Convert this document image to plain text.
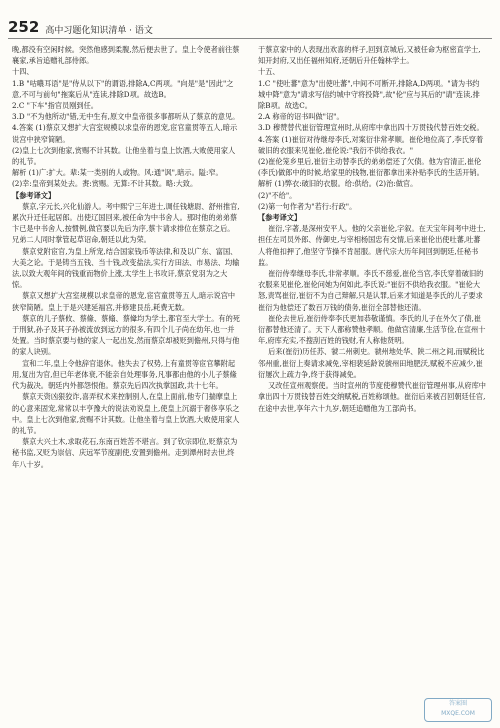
252 高中习题化知识清单 · 语文

晚,都没有空闲时候。突然他感到柔腹,然后便去世了。皇上令使者前往蔡襄家,承旨追赠礼部侍郎。

十四、

1.B "咕噥耳语"是"侍从以下"的谓语,排除A,C两项。"向是"是"因此"之意,不可与前句"拖案后从"连读,排除D项。故选B。

2.C "下车"指官员刚到任。

3.D "不为他所动"错,无中生有,原文中皇帝很多事都听从了蔡京的意见。

4.答案 (1)蔡京又想扩大宫室规模以求皇帝的恩宠,宦官童贯等五人,暗示说宫中狭窄简陋。

(2)皇上七次到他家,赏赐不计其数。让他坐着与皇上饮酒,大败使用家人的礼节。

解析 (1)广:扩大。辈:某一类别的人或物。风:通"讽",暗示。隘:窄。

(2)幸:皇帝到某处去。赉:赏赐。无算:不计其数。略:大致。

【参考译文】

蔡京,字元长,兴化仙游人。考中熙宁三年进士,调任钱塘尉、舒州推官,累次升迁任起居郎。出使辽国回来,被任命为中书舍人。那时他的弟弟蔡卞已是中书舍人,按惯例,做官要以先后为序,蔡卞请求排位在蔡京之后。兄弟二人同时掌管起草诏命,朝廷以此为荣。

蔡京党附宦官,为皇上所宠,结合国家钱币等法律,和及以广东、富国、大美之论。于是铸当五钱、当十钱,改变盐法,实行方田法、市易法、均输法,以致大观年间的钱重而物价上涨,太学生上书攻讦,蔡京党羽为之大惊。

蔡京又想扩大宫室规模以求皇帝的恩宠,宦官童贯等五人,暗示说宫中狭窄简陋。皇上于是兴建延福宫,并修建艮岳,耗费无数。

蔡京的儿子蔡攸、蔡絛、蔡翛、蔡鞗均为学士,都官至大学士。有的死于刑狱,孙子及其子孙被流放到远方的很多,有四个儿子尚在幼年,也一并处置。当时蔡京要与他的家人一起出发,然而蔡京却被贬到儋州,只得与他的家人诀别。

宣和二年,皇上令他辞官退休。他失去了权势,上有童贯等宦官攀附起用,复出为官,但已年老体衰,不能亲自处理事务,凡事都由他的小儿子蔡絛代为裁决。朝廷内外都怨恨他。蔡京先后四次执掌国政,共十七年。

蔡京天资凶狠狡诈,喜弄权术来控制别人,在皇上面前,他专门揣摩皇上的心意来固宠,常常以丰亨豫大的说法劝说皇上,使皇上沉溺于奢侈享乐之中。皇上七次到他家,赏赐不计其数。让他坐着与皇上饮酒,大败使用家人的礼节。

蔡京大兴土木,求取花石,东南百姓苦不堪言。到了钦宗即位,贬蔡京为秘书监,又贬为崇信、庆远军节度副使,安置到儋州。走到潭州时去世,终年八十岁。

于蔡京家中的人表现出欢喜的样子,回到京城后,又被任命为枢密直学士,知开封府,又出任福州知府,还朝后升任翰林学士。

十五、

1.C "使吐蕃"意为"出使吐蕃",中间不可断开,排除A,D两项。"请为书约城中降"意为"请求写信约城中守将投降",故"伦"应与其后的"请"连读,排除B项。故选C。

2.A 称帝的诏书叫做"诏"。

3.D 穆赞替代崔衍管理宣州时,从府库中拿出四十万贯钱代替百姓交税。

4.答案 (1)崔衍对待继母李氏,对案衍非常孝顺。崔伦地位高了,李氏穿着破旧的衣服来见崔伦,崔伦说:"我衍不供给我衣。"

(2)崔伦笼乡里后,崔衍主动替李氏的弟弟偿还了欠债。他为官清正,崔伦(李氏)做郎中的时候,给家里的钱物,崔衍都拿出来补贴李氏的生活开销。

解析 (1)弊衣:破旧的衣服。给:供给。(2)治:做官。

(2)"不给"。

(2)第一句作者为"若行:行政"。

【参考译文】

崔衍,字著,是深州安平人。他的父亲崔伦,字叙。在天宝年间考中进士,担任左司员外郎、侍御史,与宰相杨国忠有交情,后来崔伦出使吐蕃,吐蕃人将他扣押了,他坚守节操不肯屈服。唐代宗大历年间回到朝廷,任秘书监。

崔衍侍奉继母李氏,非常孝顺。李氏不慈爱,崔伦当官,李氏穿着破旧的衣服来见崔伦,崔伦问她为何如此,李氏说:"崔衍不供给我衣服。"崔伦大怒,责骂崔衍,崔衍不为自己辩解,只是认罪,后来才知道是李氏的儿子要求崔衍为他偿还了数百万钱的债务,崔衍全部替他还清。

崔伦去世后,崔衍侍奉李氏更加恭敬谨慎。李氏的儿子在外欠了债,崔衍都替他还清了。天下人都称赞他孝顺。他做官清廉,生活节俭,在宣州十年,府库充实,不搜刮百姓的钱财,有人称他贤明。

后来(崔衍)历任苏、虢二州刺史。虢州地处华、陕二州之间,而赋税比邻州重,崔衍上奏请求减免,宰相裴延龄说虢州田地肥沃,赋税不应减少,崔衍屡次上疏力争,终于获得减免。

又改任宣州观察使。当时宣州的节度使穆赞代崔衍管理州事,从府库中拿出四十万贯钱替百姓交纳赋税,百姓称颂他。崔衍后来被召回朝廷任官,在途中去世,享年六十九岁,朝廷追赠他为工部尚书。

答案圈
MXQE.COM
